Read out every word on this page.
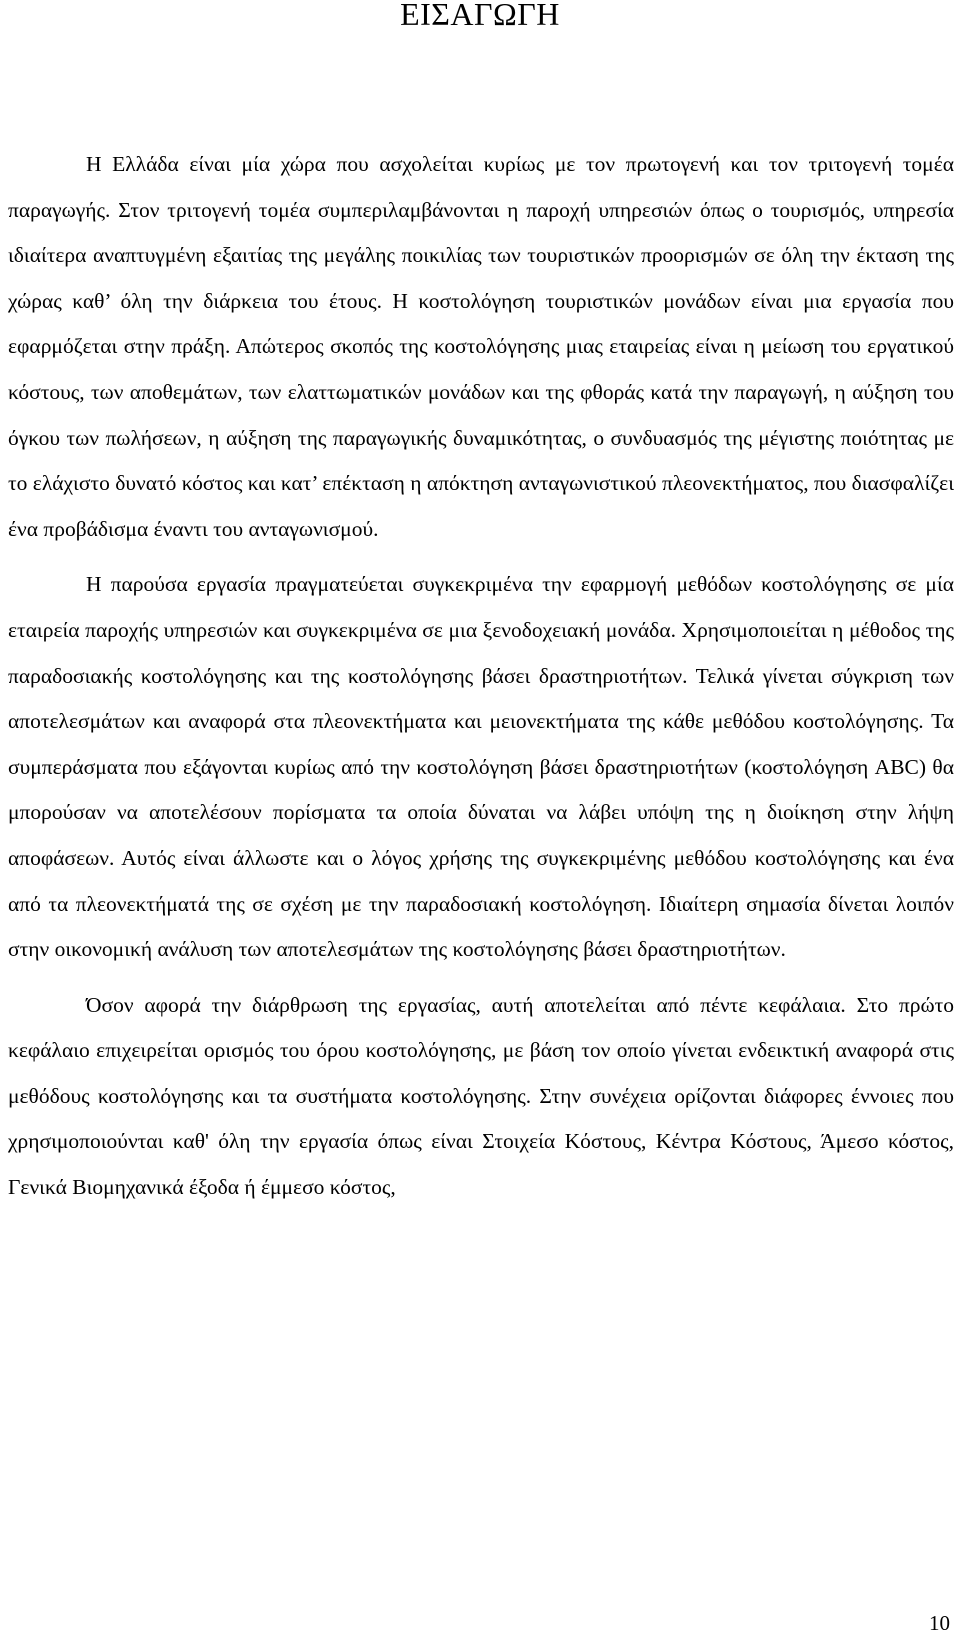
ΕΙΣΑΓΩΓΗ

Η Ελλάδα είναι μία χώρα που ασχολείται κυρίως με τον πρωτογενή και τον τριτογενή τομέα παραγωγής. Στον τριτογενή τομέα συμπεριλαμβάνονται η παροχή υπηρεσιών όπως ο τουρισμός, υπηρεσία ιδιαίτερα αναπτυγμένη εξαιτίας της μεγάλης ποικιλίας των τουριστικών προορισμών σε όλη την έκταση της χώρας καθ’ όλη την διάρκεια του έτους. Η κοστολόγηση τουριστικών μονάδων είναι μια εργασία που εφαρμόζεται στην πράξη. Απώτερος σκοπός της κοστολόγησης μιας εταιρείας είναι η μείωση του εργατικού κόστους, των αποθεμάτων, των ελαττωματικών μονάδων και της φθοράς κατά την παραγωγή, η αύξηση του όγκου των πωλήσεων, η αύξηση της παραγωγικής δυναμικότητας, ο συνδυασμός της μέγιστης ποιότητας με το ελάχιστο δυνατό κόστος και κατ’ επέκταση η απόκτηση ανταγωνιστικού πλεονεκτήματος, που διασφαλίζει ένα προβάδισμα έναντι του ανταγωνισμού.

Η παρούσα εργασία πραγματεύεται συγκεκριμένα την εφαρμογή μεθόδων κοστολόγησης σε μία εταιρεία παροχής υπηρεσιών και συγκεκριμένα σε μια ξενοδοχειακή μονάδα. Χρησιμοποιείται η μέθοδος της παραδοσιακής κοστολόγησης και της κοστολόγησης βάσει δραστηριοτήτων. Τελικά γίνεται σύγκριση των αποτελεσμάτων και αναφορά στα πλεονεκτήματα και μειονεκτήματα της κάθε μεθόδου κοστολόγησης. Τα συμπεράσματα που εξάγονται κυρίως από την κοστολόγηση βάσει δραστηριοτήτων (κοστολόγηση ABC) θα μπορούσαν να αποτελέσουν πορίσματα τα οποία δύναται να λάβει υπόψη της η διοίκηση στην λήψη αποφάσεων. Αυτός είναι άλλωστε και ο λόγος χρήσης της συγκεκριμένης μεθόδου κοστολόγησης και ένα από τα πλεονεκτήματά της σε σχέση με την παραδοσιακή κοστολόγηση. Ιδιαίτερη σημασία δίνεται λοιπόν στην οικονομική ανάλυση των αποτελεσμάτων της κοστολόγησης βάσει δραστηριοτήτων.

Όσον αφορά την διάρθρωση της εργασίας, αυτή αποτελείται από πέντε κεφάλαια. Στο πρώτο κεφάλαιο επιχειρείται ορισμός του όρου κοστολόγησης, με βάση τον οποίο γίνεται ενδεικτική αναφορά στις μεθόδους κοστολόγησης και τα συστήματα κοστολόγησης. Στην συνέχεια ορίζονται διάφορες έννοιες που χρησιμοποιούνται καθ' όλη την εργασία όπως είναι Στοιχεία Κόστους, Κέντρα Κόστους, Άμεσο κόστος, Γενικά Βιομηχανικά έξοδα ή έμμεσο κόστος,

10
